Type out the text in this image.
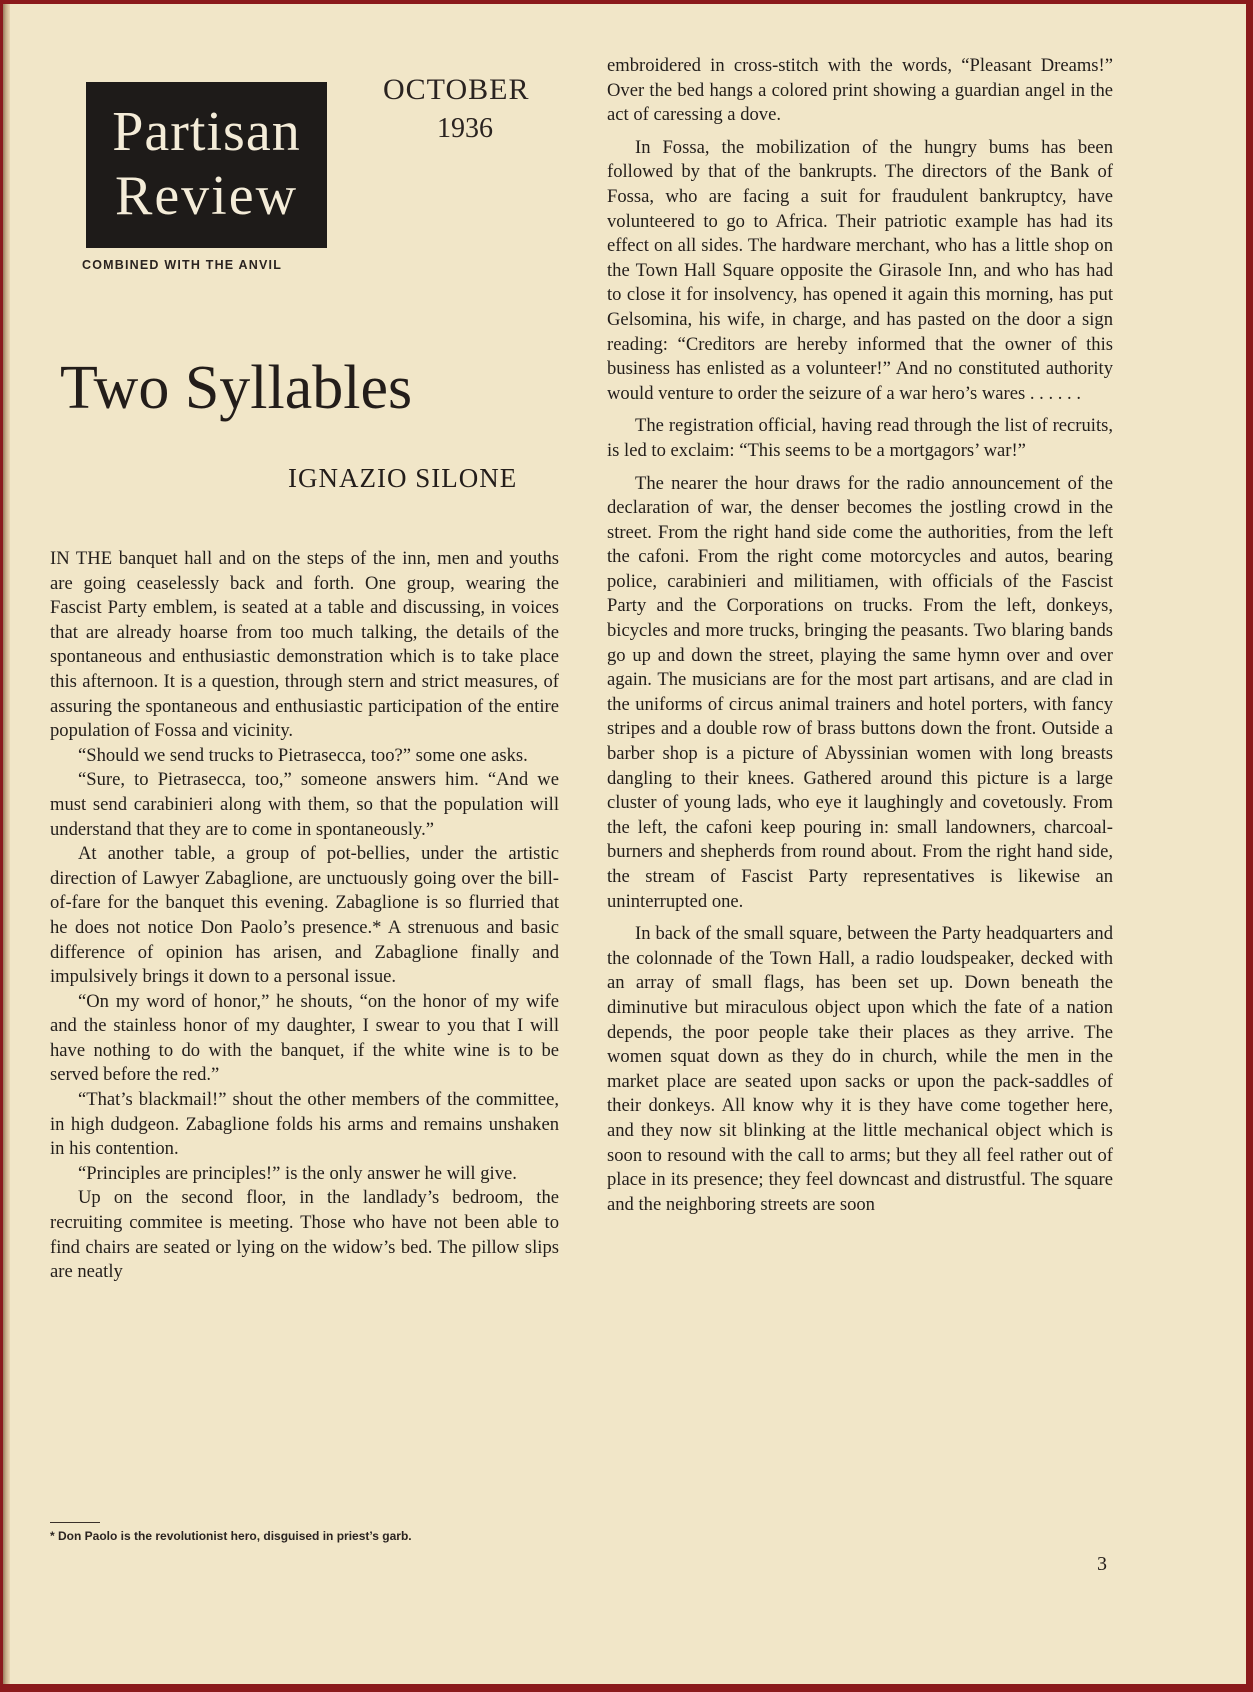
Partisan
Review
COMBINED WITH THE ANVIL
OCTOBER
1936
Two Syllables
IGNAZIO SILONE

IN THE banquet hall and on the steps of the inn, men and youths are going ceaselessly back and forth. One group, wearing the Fascist Party emblem, is seated at a table and discussing, in voices that are already hoarse from too much talking, the details of the spontaneous and enthusiastic demonstration which is to take place this afternoon. It is a question, through stern and strict measures, of assuring the spontaneous and enthusiastic participation of the entire population of Fossa and vicinity.

“Should we send trucks to Pietrasecca, too?” some one asks.

“Sure, to Pietrasecca, too,” someone answers him. “And we must send carabinieri along with them, so that the population will understand that they are to come in spontaneously.”

At another table, a group of pot-bellies, under the artistic direction of Lawyer Zabaglione, are unctuously going over the bill-of-fare for the banquet this evening. Zabaglione is so flurried that he does not notice Don Paolo’s presence.* A strenuous and basic difference of opinion has arisen, and Zabaglione finally and impulsively brings it down to a personal issue.

“On my word of honor,” he shouts, “on the honor of my wife and the stainless honor of my daughter, I swear to you that I will have nothing to do with the banquet, if the white wine is to be served before the red.”

“That’s blackmail!” shout the other members of the committee, in high dudgeon. Zabaglione folds his arms and remains unshaken in his contention.

“Principles are principles!” is the only answer he will give.

Up on the second floor, in the landlady’s bedroom, the recruiting commitee is meeting. Those who have not been able to find chairs are seated or lying on the widow’s bed. The pillow slips are neatly

* Don Paolo is the revolutionist hero, disguised in priest’s garb.

embroidered in cross-stitch with the words, “Pleasant Dreams!” Over the bed hangs a colored print showing a guardian angel in the act of caressing a dove.

In Fossa, the mobilization of the hungry bums has been followed by that of the bankrupts. The directors of the Bank of Fossa, who are facing a suit for fraudulent bankruptcy, have volunteered to go to Africa. Their patriotic example has had its effect on all sides. The hardware merchant, who has a little shop on the Town Hall Square opposite the Girasole Inn, and who has had to close it for insolvency, has opened it again this morning, has put Gelsomina, his wife, in charge, and has pasted on the door a sign reading: “Creditors are hereby informed that the owner of this business has enlisted as a volunteer!” And no constituted authority would venture to order the seizure of a war hero’s wares . . . . . .

The registration official, having read through the list of recruits, is led to exclaim: “This seems to be a mortgagors’ war!”

The nearer the hour draws for the radio announcement of the declaration of war, the denser becomes the jostling crowd in the street. From the right hand side come the authorities, from the left the cafoni. From the right come motorcycles and autos, bearing police, carabinieri and militiamen, with officials of the Fascist Party and the Corporations on trucks. From the left, donkeys, bicycles and more trucks, bringing the peasants. Two blaring bands go up and down the street, playing the same hymn over and over again. The musicians are for the most part artisans, and are clad in the uniforms of circus animal trainers and hotel porters, with fancy stripes and a double row of brass buttons down the front. Outside a barber shop is a picture of Abyssinian women with long breasts dangling to their knees. Gathered around this picture is a large cluster of young lads, who eye it laughingly and covetously. From the left, the cafoni keep pouring in: small landowners, charcoal-burners and shepherds from round about. From the right hand side, the stream of Fascist Party representatives is likewise an uninterrupted one.

In back of the small square, between the Party headquarters and the colonnade of the Town Hall, a radio loudspeaker, decked with an array of small flags, has been set up. Down beneath the diminutive but miraculous object upon which the fate of a nation depends, the poor people take their places as they arrive. The women squat down as they do in church, while the men in the market place are seated upon sacks or upon the pack-saddles of their donkeys. All know why it is they have come together here, and they now sit blinking at the little mechanical object which is soon to resound with the call to arms; but they all feel rather out of place in its presence; they feel downcast and distrustful. The square and the neighboring streets are soon

3
